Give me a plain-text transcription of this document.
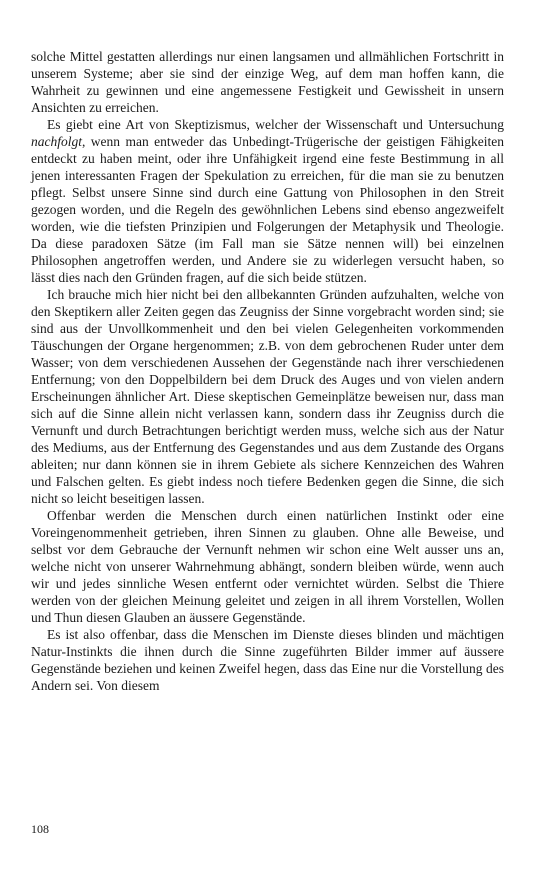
solche Mittel gestatten allerdings nur einen langsamen und allmählichen Fortschritt in unserem Systeme; aber sie sind der einzige Weg, auf dem man hoffen kann, die Wahrheit zu gewinnen und eine angemessene Festigkeit und Gewissheit in unsern Ansichten zu erreichen.

Es giebt eine Art von Skeptizismus, welcher der Wissenschaft und Untersuchung nachfolgt, wenn man entweder das Unbedingt-Trügerische der geistigen Fähigkeiten entdeckt zu haben meint, oder ihre Unfähigkeit irgend eine feste Bestimmung in all jenen interessanten Fragen der Spekulation zu erreichen, für die man sie zu benutzen pflegt. Selbst unsere Sinne sind durch eine Gattung von Philosophen in den Streit gezogen worden, und die Regeln des gewöhnlichen Lebens sind ebenso angezweifelt worden, wie die tiefsten Prinzipien und Folgerungen der Metaphysik und Theologie. Da diese paradoxen Sätze (im Fall man sie Sätze nennen will) bei einzelnen Philosophen angetroffen werden, und Andere sie zu widerlegen versucht haben, so lässt dies nach den Gründen fragen, auf die sich beide stützen.

Ich brauche mich hier nicht bei den allbekannten Gründen aufzuhalten, welche von den Skeptikern aller Zeiten gegen das Zeugniss der Sinne vorgebracht worden sind; sie sind aus der Unvollkommenheit und den bei vielen Gelegenheiten vorkommenden Täuschungen der Organe hergenommen; z.B. von dem gebrochenen Ruder unter dem Wasser; von dem verschiedenen Aussehen der Gegenstände nach ihrer verschiedenen Entfernung; von den Doppelbildern bei dem Druck des Auges und von vielen andern Erscheinungen ähnlicher Art. Diese skeptischen Gemeinplätze beweisen nur, dass man sich auf die Sinne allein nicht verlassen kann, sondern dass ihr Zeugniss durch die Vernunft und durch Betrachtungen berichtigt werden muss, welche sich aus der Natur des Mediums, aus der Entfernung des Gegenstandes und aus dem Zustande des Organs ableiten; nur dann können sie in ihrem Gebiete als sichere Kennzeichen des Wahren und Falschen gelten. Es giebt indess noch tiefere Bedenken gegen die Sinne, die sich nicht so leicht beseitigen lassen.

Offenbar werden die Menschen durch einen natürlichen Instinkt oder eine Voreingenommenheit getrieben, ihren Sinnen zu glauben. Ohne alle Beweise, und selbst vor dem Gebrauche der Vernunft nehmen wir schon eine Welt ausser uns an, welche nicht von unserer Wahrnehmung abhängt, sondern bleiben würde, wenn auch wir und jedes sinnliche Wesen entfernt oder vernichtet würden. Selbst die Thiere werden von der gleichen Meinung geleitet und zeigen in all ihrem Vorstellen, Wollen und Thun diesen Glauben an äussere Gegenstände.

Es ist also offenbar, dass die Menschen im Dienste dieses blinden und mächtigen Natur-Instinkts die ihnen durch die Sinne zugeführten Bilder immer auf äussere Gegenstände beziehen und keinen Zweifel hegen, dass das Eine nur die Vorstellung des Andern sei. Von diesem

108
